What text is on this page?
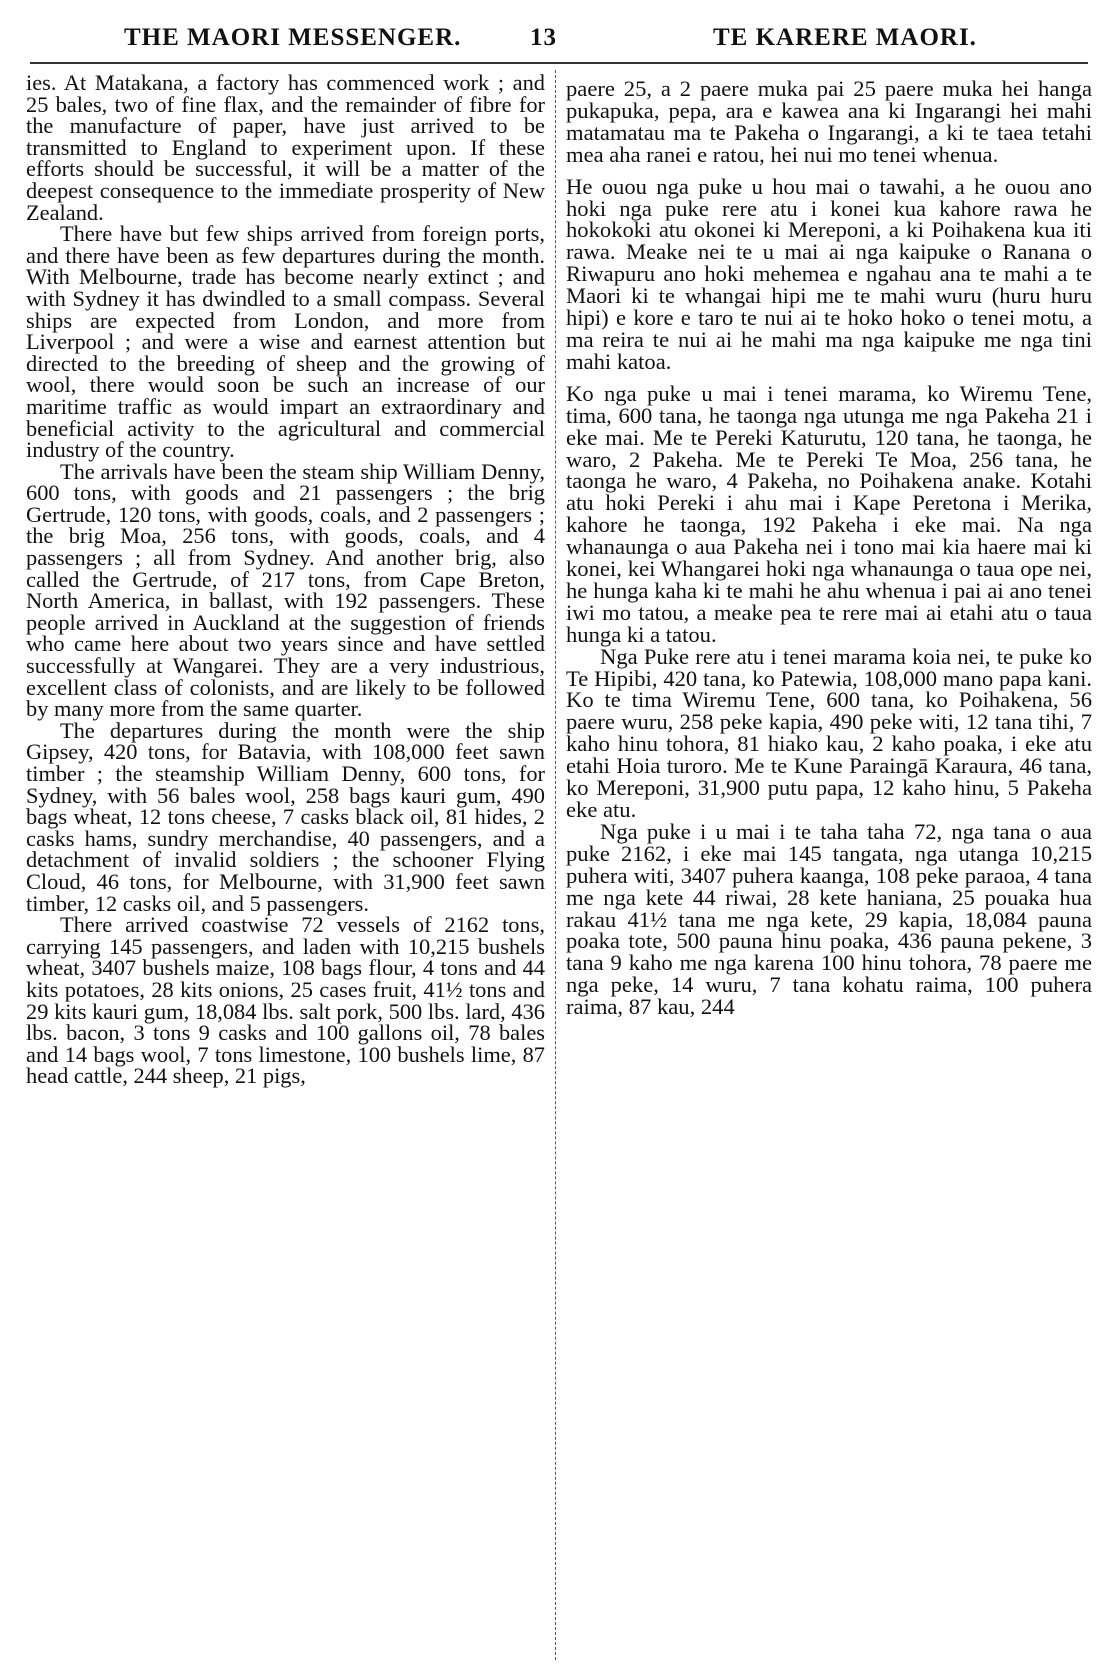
THE MAORI MESSENGER.	13	TE KARERE MAORI.

ies. At Matakana, a factory has commenced work ; and 25 bales, two of fine flax, and the remainder of fibre for the manufacture of paper, have just arrived to be transmitted to England to experiment upon. If these efforts should be successful, it will be a matter of the deepest consequence to the immediate prosperity of New Zealand.

There have but few ships arrived from foreign ports, and there have been as few departures during the month. With Melbourne, trade has become nearly extinct ; and with Sydney it has dwindled to a small compass. Several ships are expected from London, and more from Liverpool ; and were a wise and earnest attention but directed to the breeding of sheep and the growing of wool, there would soon be such an increase of our maritime traffic as would impart an extraordinary and beneficial activity to the agricultural and commercial industry of the country.

The arrivals have been the steam ship William Denny, 600 tons, with goods and 21 passengers ; the brig Gertrude, 120 tons, with goods, coals, and 2 passengers ; the brig Moa, 256 tons, with goods, coals, and 4 passengers ; all from Sydney. And another brig, also called the Gertrude, of 217 tons, from Cape Breton, North America, in ballast, with 192 passengers. These people arrived in Auckland at the suggestion of friends who came here about two years since and have settled successfully at Wangarei. They are a very industrious, excellent class of colonists, and are likely to be followed by many more from the same quarter.

The departures during the month were the ship Gipsey, 420 tons, for Batavia, with 108,000 feet sawn timber ; the steamship William Denny, 600 tons, for Sydney, with 56 bales wool, 258 bags kauri gum, 490 bags wheat, 12 tons cheese, 7 casks black oil, 81 hides, 2 casks hams, sundry merchandise, 40 passengers, and a detachment of invalid soldiers ; the schooner Flying Cloud, 46 tons, for Melbourne, with 31,900 feet sawn timber, 12 casks oil, and 5 passengers.

There arrived coastwise 72 vessels of 2162 tons, carrying 145 passengers, and laden with 10,215 bushels wheat, 3407 bushels maize, 108 bags flour, 4 tons and 44 kits potatoes, 28 kits onions, 25 cases fruit, 41½ tons and 29 kits kauri gum, 18,084 lbs. salt pork, 500 lbs. lard, 436 lbs. bacon, 3 tons 9 casks and 100 gallons oil, 78 bales and 14 bags wool, 7 tons limestone, 100 bushels lime, 87 head cattle, 244 sheep, 21 pigs,

paere 25, a 2 paere muka pai 25 paere muka hei hanga pukapuka, pepa, ara e kawea ana ki Ingarangi hei mahi matamatau ma te Pakeha o Ingarangi, a ki te taea tetahi mea aha ranei e ratou, hei nui mo tenei whenua.

He ouou nga puke u hou mai o tawahi, a he ouou ano hoki nga puke rere atu i konei kua kahore rawa he hokokoki atu okonei ki Mereponi, a ki Poihakena kua iti rawa. Meake nei te u mai ai nga kaipuke o Ranana o Riwapuru ano hoki mehemea e ngahau ana te mahi a te Maori ki te whangai hipi me te mahi wuru (huru huru hipi) e kore e taro te nui ai te hoko hoko o tenei motu, a ma reira te nui ai he mahi ma nga kaipuke me nga tini mahi katoa.

Ko nga puke u mai i tenei marama, ko Wiremu Tene, tima, 600 tana, he taonga nga utunga me nga Pakeha 21 i eke mai. Me te Pereki Katurutu, 120 tana, he taonga, he waro, 2 Pakeha. Me te Pereki Te Moa, 256 tana, he taonga he waro, 4 Pakeha, no Poihakena anake. Kotahi atu hoki Pereki i ahu mai i Kape Peretona i Merika, kahore he taonga, 192 Pakeha i eke mai. Na nga whanaunga o aua Pakeha nei i tono mai kia haere mai ki konei, kei Whangarei hoki nga whanaunga o taua ope nei, he hunga kaha ki te mahi he ahu whenua i pai ai ano tenei iwi mo tatou, a meake pea te rere mai ai etahi atu o taua hunga ki a tatou.

Nga Puke rere atu i tenei marama koia nei, te puke ko Te Hipibi, 420 tana, ko Patewia, 108,000 mano papa kani. Ko te tima Wiremu Tene, 600 tana, ko Poihakena, 56 paere wuru, 258 peke kapia, 490 peke witi, 12 tana tihi, 7 kaho hinu tohora, 81 hiako kau, 2 kaho poaka, i eke atu etahi Hoia turoro. Me te Kune Paraingā Karaura, 46 tana, ko Mereponi, 31,900 putu papa, 12 kaho hinu, 5 Pakeha eke atu.

Nga puke i u mai i te taha taha 72, nga tana o aua puke 2162, i eke mai 145 tangata, nga utanga 10,215 puhera witi, 3407 puhera kaanga, 108 peke paraoa, 4 tana me nga kete 44 riwai, 28 kete haniana, 25 pouaka hua rakau 41½ tana me nga kete, 29 kapia, 18,084 pauna poaka tote, 500 pauna hinu poaka, 436 pauna pekene, 3 tana 9 kaho me nga karena 100 hinu tohora, 78 paere me nga peke, 14 wuru, 7 tana kohatu raima, 100 puhera raima, 87 kau, 244
